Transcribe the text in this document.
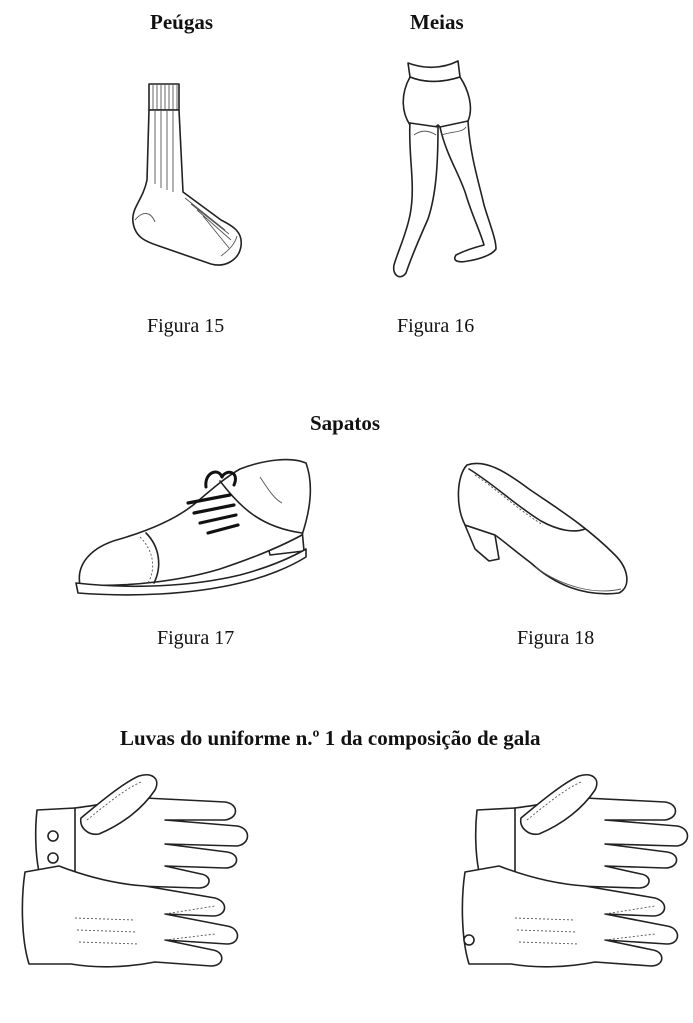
Peúgas	Meias
Figura 15	Figura 16
Sapatos
Figura 17	Figura 18
Luvas do uniforme n.º 1 da composição de gala
